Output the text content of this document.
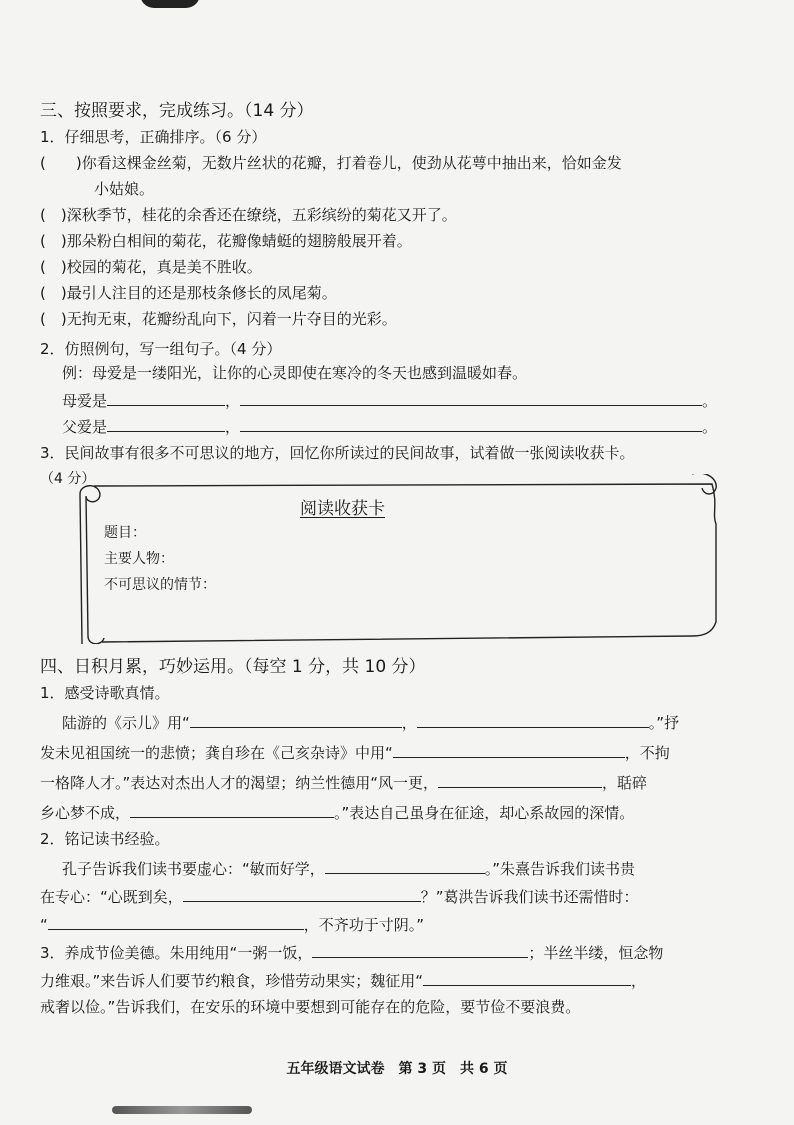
三、按照要求，完成练习。（14 分）
1．仔细思考，正确排序。（6 分）
(　　)你看这棵金丝菊，无数片丝状的花瓣，打着卷儿，使劲从花萼中抽出来，恰如金发
小姑娘。
(　)深秋季节，桂花的余香还在缭绕，五彩缤纷的菊花又开了。
(　)那朵粉白相间的菊花，花瓣像蜻蜓的翅膀般展开着。
(　)校园的菊花，真是美不胜收。
(　)最引人注目的还是那枝条修长的凤尾菊。
(　)无拘无束，花瓣纷乱向下，闪着一片夺目的光彩。
2．仿照例句，写一组句子。（4 分）
例：母爱是一缕阳光，让你的心灵即使在寒冷的冬天也感到温暖如春。
母爱是	，	。
父爱是	，	。
3．民间故事有很多不可思议的地方，回忆你所读过的民间故事，试着做一张阅读收获卡。
（4 分）
阅读收获卡
题目：
主要人物：
不可思议的情节：
四、日积月累，巧妙运用。（每空 1 分，共 10 分）
1．感受诗歌真情。
陆游的《示儿》用“	，	。”抒
发未见祖国统一的悲愤；龚自珍在《己亥杂诗》中用“	，不拘
一格降人才。”表达对杰出人才的渴望；纳兰性德用“风一更，	，聒碎
乡心梦不成，	。”表达自己虽身在征途，却心系故园的深情。
2．铭记读书经验。
孔子告诉我们读书要虚心：“敏而好学，	。”朱熹告诉我们读书贵
在专心：“心既到矣，	？”葛洪告诉我们读书还需惜时：
“	，不齐功于寸阴。”
3．养成节俭美德。朱用纯用“一粥一饭，	；半丝半缕，恒念物
力维艰。”来告诉人们要节约粮食，珍惜劳动果实；魏征用“	，
戒奢以俭。”告诉我们，在安乐的环境中要想到可能存在的危险，要节俭不要浪费。
五年级语文试卷　第 3 页　共 6 页
